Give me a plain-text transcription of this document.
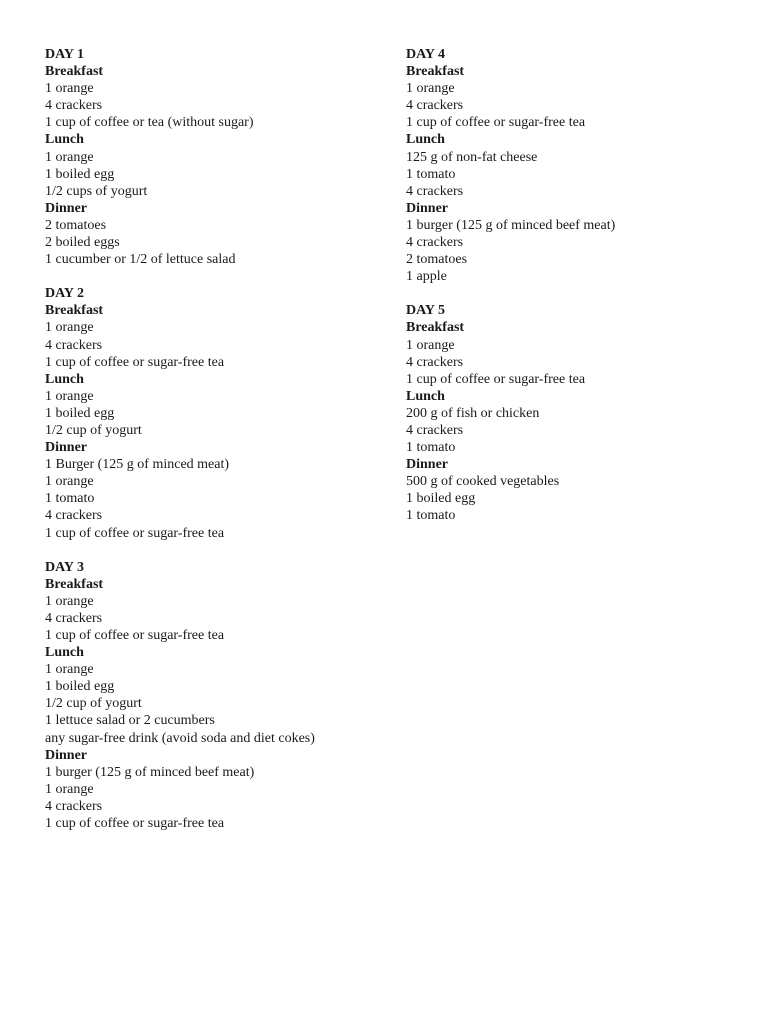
DAY 1
Breakfast
1 orange
4 crackers
1 cup of coffee or tea (without sugar)
Lunch
1 orange
1 boiled egg
1/2 cups of yogurt
Dinner
2 tomatoes
2 boiled eggs
1 cucumber or 1/2 of lettuce salad
DAY 2
Breakfast
1 orange
4 crackers
1 cup of coffee or sugar-free tea
Lunch
1 orange
1 boiled egg
1/2 cup of yogurt
Dinner
1 Burger (125 g of minced meat)
1 orange
1 tomato
4 crackers
1 cup of coffee or sugar-free tea
DAY 3
Breakfast
1 orange
4 crackers
1 cup of coffee or sugar-free tea
Lunch
1 orange
1 boiled egg
1/2 cup of yogurt
1 lettuce salad or 2 cucumbers
any sugar-free drink (avoid soda and diet cokes)
Dinner
1 burger (125 g of minced beef meat)
1 orange
4 crackers
1 cup of coffee or sugar-free tea
DAY 4
Breakfast
1 orange
4 crackers
1 cup of coffee or sugar-free tea
Lunch
125 g of non-fat cheese
1 tomato
4 crackers
Dinner
1 burger (125 g of minced beef meat)
4 crackers
2 tomatoes
1 apple
DAY 5
Breakfast
1 orange
4 crackers
1 cup of coffee or sugar-free tea
Lunch
200 g of fish or chicken
4 crackers
1 tomato
Dinner
500 g of cooked vegetables
1 boiled egg
1 tomato
